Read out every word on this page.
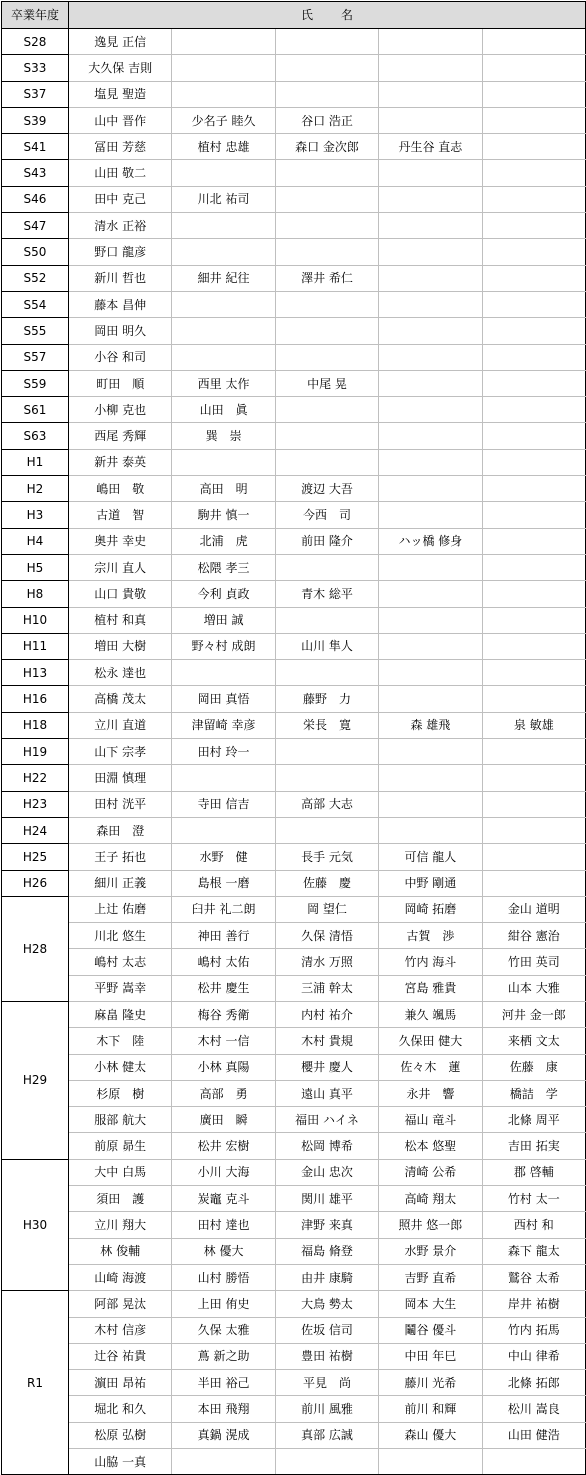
卒業年度	氏 名				
S28	逸見 正信				
S33	大久保 吉則				
S37	塩見 聖造				
S39	山中 晋作	少名子 睦久	谷口 浩正		
S41	冨田 芳慈	植村 忠雄	森口 金次郎	丹生谷 直志	
S43	山田 敬二				
S46	田中 克己	川北 祐司			
S47	清水 正裕				
S50	野口 龍彦				
S52	新川 哲也	細井 紀往	澤井 希仁		
S54	藤本 昌伸				
S55	岡田 明久				
S57	小谷 和司				
S59	町田　順	西里 太作	中尾 晃		
S61	小柳 克也	山田　眞			
S63	西尾 秀輝	巽　崇			
H1	新井 泰英				
H2	嶋田　敬	高田　明	渡辺 大吾		
H3	古道　智	駒井 慎一	今西　司		
H4	奥井 幸史	北浦　虎	前田 隆介	ハッ橋 修身	
H5	宗川 直人	松隈 孝三			
H8	山口 貴敬	今利 貞政	青木 総平		
H10	植村 和真	増田 誠			
H11	増田 大樹	野々村 成朗	山川 隼人		
H13	松永 達也				
H16	高橋 茂太	岡田 真悟	藤野　力		
H18	立川 直道	津留崎 幸彦	栄長　寛	森 雄飛	泉 敏雄
H19	山下 宗孝	田村 玲一			
H22	田淵 慎理				
H23	田村 洸平	寺田 信吉	高部 大志		
H24	森田　澄				
H25	王子 拓也	水野　健	長手 元気	可信 龍人	
H26	細川 正義	島根 一磨	佐藤　慶	中野 剛通	
H28	上辻 佑磨	臼井 礼二朗	岡 望仁	岡崎 拓磨	金山 道明
	川北 悠生	神田 善行	久保 清悟	古賀　渉	紺谷 憲治
	嶋村 太志	嶋村 太佑	清水 万照	竹内 海斗	竹田 英司
	平野 嵩幸	松井 慶生	三浦 幹太	宮島 雅貴	山本 大雅
H29	麻畠 隆史	梅谷 秀衛	内村 祐介	兼久 颯馬	河井 金一郎
	木下　陸	木村 一信	木村 貴規	久保田 健大	来栖 文太
	小林 健太	小林 真陽	櫻井 慶人	佐々木　蓮	佐藤　康
	杉原　樹	高部　勇	遠山 真平	永井　響	橋詰　学
	服部 航大	廣田　瞬	福田 ハイネ	福山 竜斗	北條 周平
	前原 昴生	松井 宏樹	松岡 博希	松本 悠聖	吉田 拓実
H30	大中 白馬	小川 大海	金山 忠次	清崎 公希	郡 啓輔
	須田　護	炭竈 克斗	関川 雄平	高崎 翔太	竹村 太一
	立川 翔大	田村 達也	津野 来真	照井 悠一郎	西村 和
	林 俊輔	林 優大	福島 脩登	水野 景介	森下 龍太
	山崎 海渡	山村 勝悟	由井 康騎	吉野 直希	鷲谷 太希
R1	阿部 晃汰	上田 侑史	大鳥 勢太	岡本 大生	岸井 祐樹
	木村 信彦	久保 太雅	佐坂 信司	鬮谷 優斗	竹内 拓馬
	辻谷 祐貴	蔦 新之助	豊田 祐樹	中田 年巳	中山 律希
	濵田 昂祐	半田 裕己	平見　尚	藤川 光希	北條 拓郎
	堀北 和久	本田 飛翔	前川 風雅	前川 和輝	松川 嵩良
	松原 弘樹	真鍋 滉成	真部 広誠	森山 優大	山田 健浩
	山脇 一真				
